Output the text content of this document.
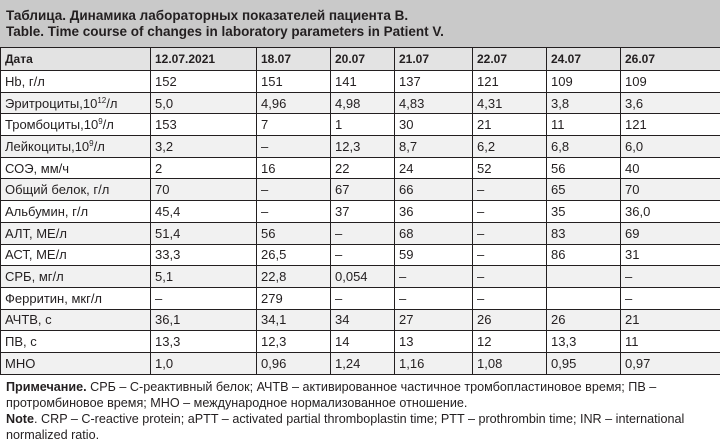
Таблица. Динамика лабораторных показателей пациента В.
Table. Time course of changes in laboratory parameters in Patient V.
Дата	12.07.2021	18.07	20.07	21.07	22.07	24.07	26.07
Hb, г/л	152	151	141	137	121	109	109
$Эритроциты,10^{12}/л$	5,0	4,96	4,98	4,83	4,31	3,8	3,6
$Тромбоциты,10^9/л$	153	7	1	30	21	11	121
$Лейкоциты,10^9/л$	3,2	–	12,3	8,7	6,2	6,8	6,0
СОЭ, мм/ч	2	16	22	24	52	56	40
Общий белок, г/л	70	–	67	66	–	65	70
Альбумин, г/л	45,4	–	37	36	–	35	36,0
АЛТ, МЕ/л	51,4	56	–	68	–	83	69
АСТ, МЕ/л	33,3	26,5	–	59	–	86	31
СРБ, мг/л	5,1	22,8	0,054	–	–		–
Ферритин, мкг/л	–	279	–	–	–		–
АЧТВ, с	36,1	34,1	34	27	26	26	21
ПВ, с	13,3	12,3	14	13	12	13,3	11
МНО	1,0	0,96	1,24	1,16	1,08	0,95	0,97
Примечание. СРБ – С-реактивный белок; АЧТВ – активированное частичное тромбопластиновое время; ПВ – протромбиновое время; МНО – международное нормализованное отношение.
Note. CRP – C-reactive protein; aPTT – activated partial thromboplastin time; PTT – prothrombin time; INR – international normalized ratio.
